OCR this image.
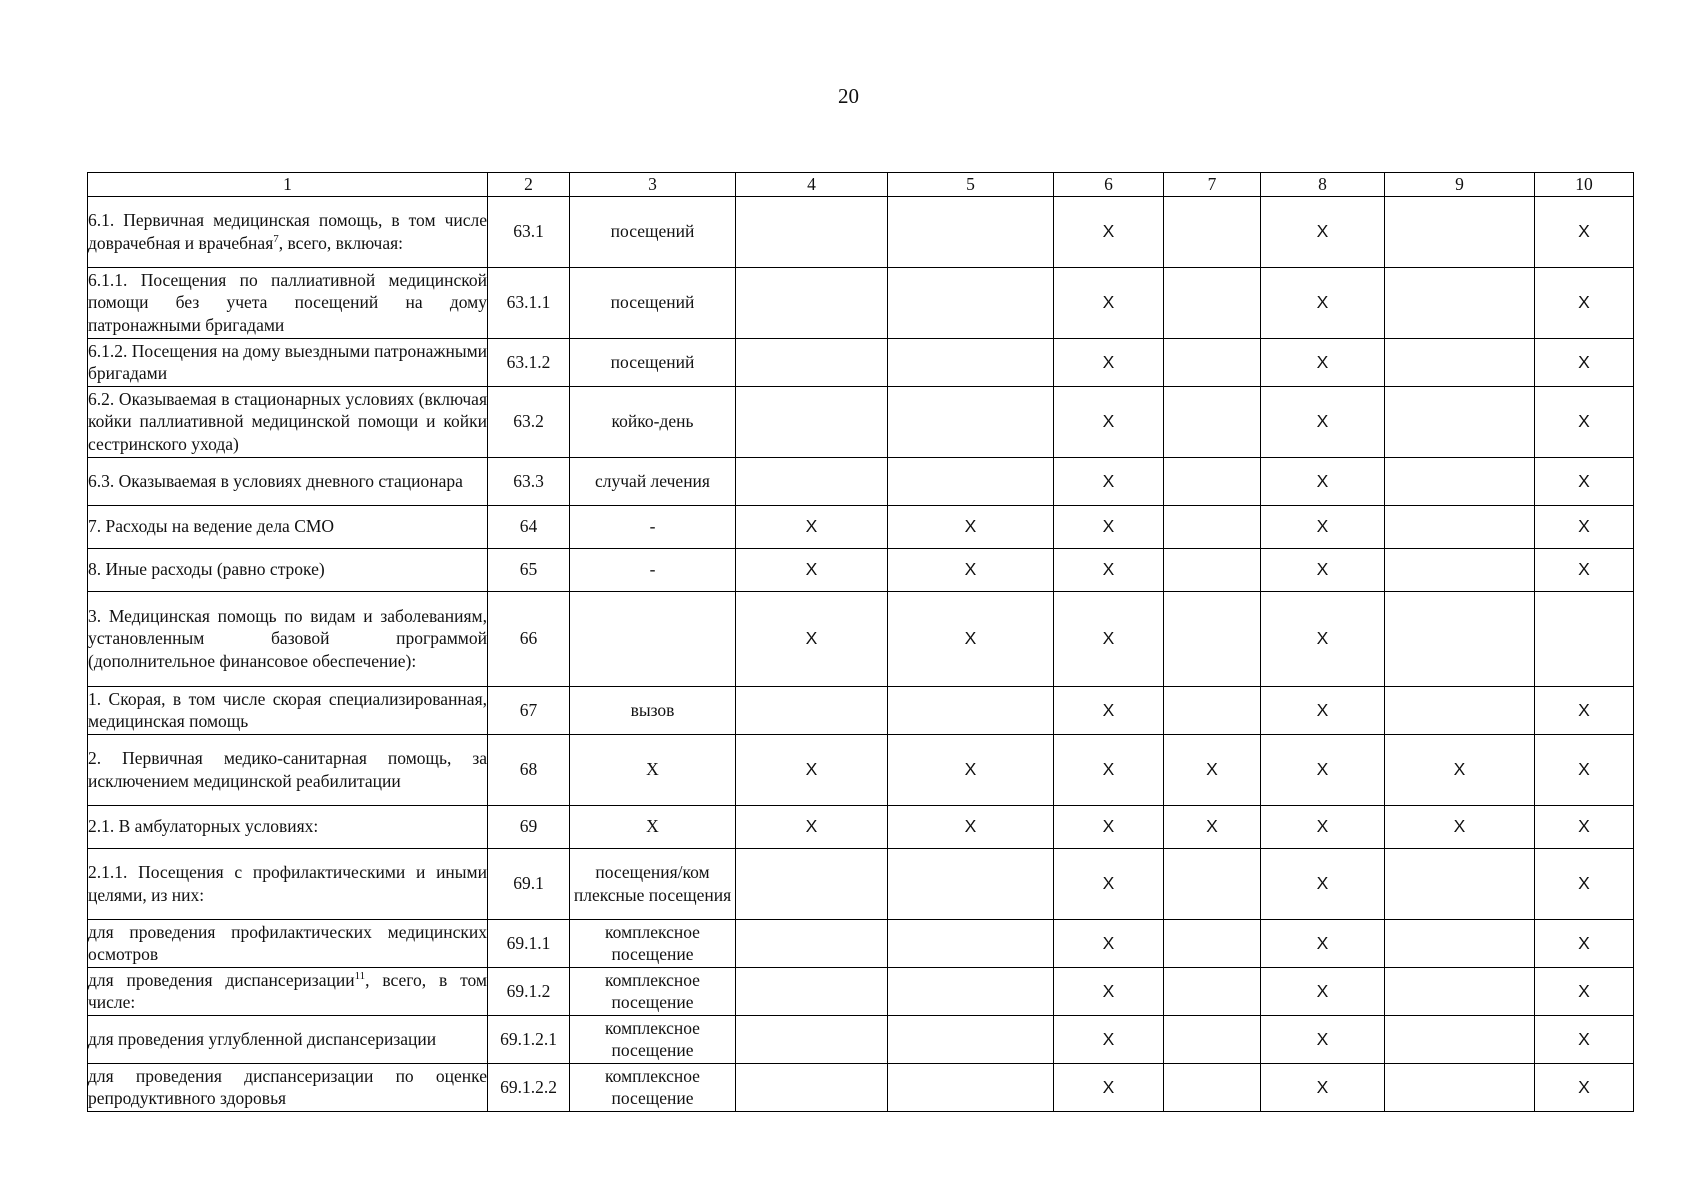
20
1	2	3	4	5	6	7	8	9	10
6.1. Первичная медицинская помощь, в том числе доврачебная и врачебная$^7$, всего, включая:	63.1	посещений			X		X		X
6.1.1. Посещения по паллиативной медицинской помощи без учета посещений на дому патронажными бригадами	63.1.1	посещений			X		X		X
6.1.2. Посещения на дому выездными патронажными бригадами	63.1.2	посещений			X		X		X
6.2. Оказываемая в стационарных условиях (включая койки паллиативной медицинской помощи и койки сестринского ухода)	63.2	койко-день			X		X		X
6.3. Оказываемая в условиях дневного стационара	63.3	случай лечения			X		X		X
7. Расходы на ведение дела СМО	64	-	X	X	X		X		X
8. Иные расходы (равно строке)	65	-	X	X	X		X		X
3. Медицинская помощь по видам и заболеваниям, установленным базовой программой (дополнительное финансовое обеспечение):	66		X	X	X		X		
1. Скорая, в том числе скорая специализированная, медицинская помощь	67	вызов			X		X		X
2. Первичная медико-санитарная помощь, за исключением медицинской реабилитации	68	X	X	X	X	X	X	X	X
2.1. В амбулаторных условиях:	69	X	X	X	X	X	X	X	X
2.1.1. Посещения с профилактическими и иными целями, из них:	69.1	посещения/ком плексные посещения			X		X		X
для проведения профилактических медицинских осмотров	69.1.1	комплексное посещение			X		X		X
для проведения диспансеризации$^{11}$, всего, в том числе:	69.1.2	комплексное посещение			X		X		X
для проведения углубленной диспансеризации	69.1.2.1	комплексное посещение			X		X		X
для проведения диспансеризации по оценке репродуктивного здоровья	69.1.2.2	комплексное посещение			X		X		X
